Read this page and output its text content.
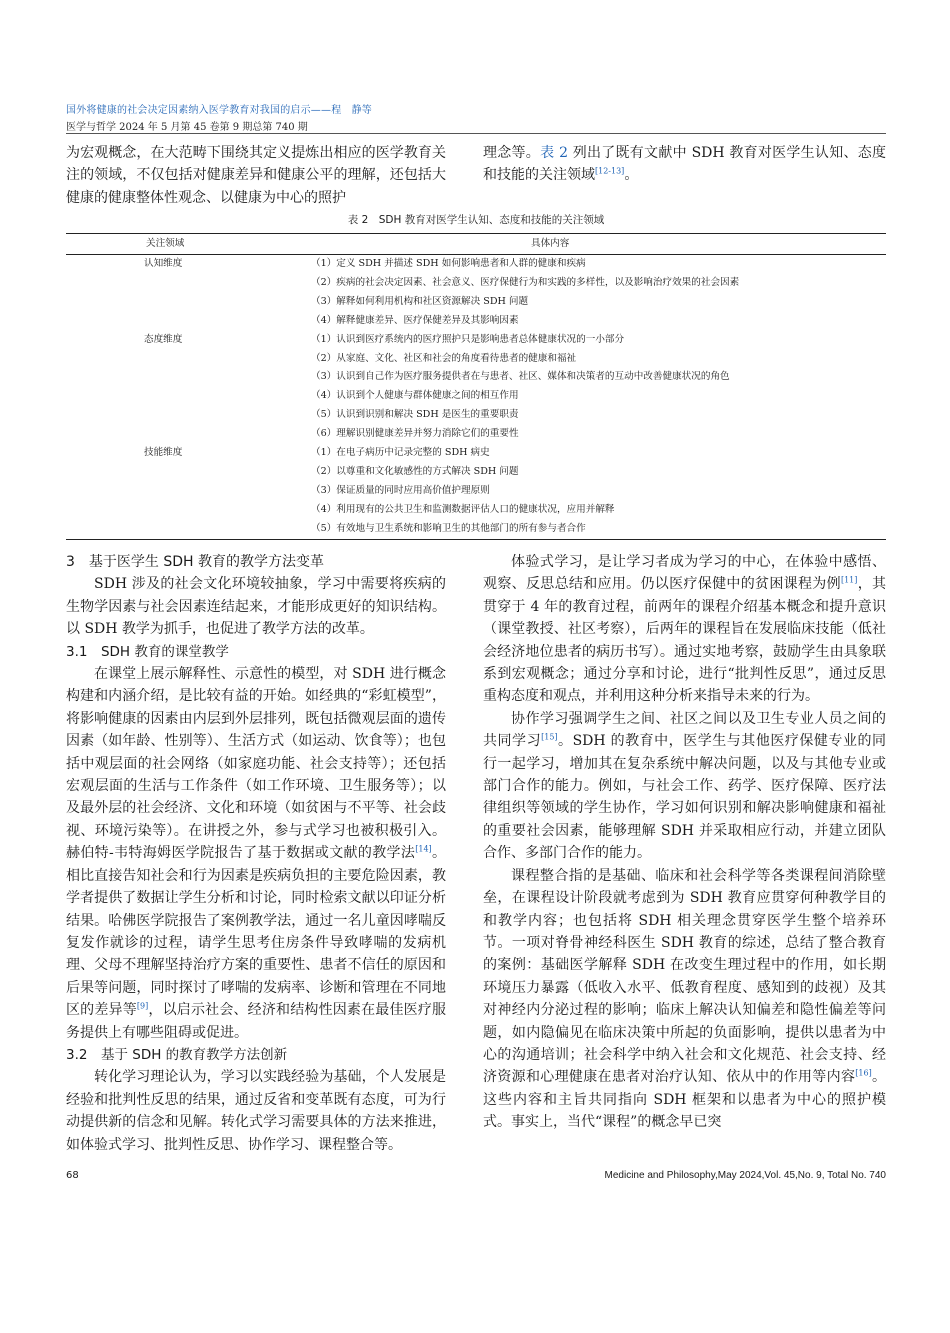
国外将健康的社会决定因素纳入医学教育对我国的启示——程　静等
医学与哲学 2024 年 5 月第 45 卷第 9 期总第 740 期

为宏观概念，在大范畴下围绕其定义提炼出相应的医学教育关注的领域，不仅包括对健康差异和健康公平的理解，还包括大健康的健康整体性观念、以健康为中心的照护

理念等。表 2 列出了既有文献中 SDH 教育对医学生认知、态度和技能的关注领域[12-13]。

表 2　SDH 教育对医学生认知、态度和技能的关注领域
关注领域	具体内容
认知维度	（1）定义 SDH 并描述 SDH 如何影响患者和人群的健康和疾病
	（2）疾病的社会决定因素、社会意义、医疗保健行为和实践的多样性，以及影响治疗效果的社会因素
	（3）解释如何利用机构和社区资源解决 SDH 问题
	（4）解释健康差异、医疗保健差异及其影响因素
态度维度	（1）认识到医疗系统内的医疗照护只是影响患者总体健康状况的一小部分
	（2）从家庭、文化、社区和社会的角度看待患者的健康和福祉
	（3）认识到自己作为医疗服务提供者在与患者、社区、媒体和决策者的互动中改善健康状况的角色
	（4）认识到个人健康与群体健康之间的相互作用
	（5）认识到识别和解决 SDH 是医生的重要职责
	（6）理解识别健康差异并努力消除它们的重要性
技能维度	（1）在电子病历中记录完整的 SDH 病史
	（2）以尊重和文化敏感性的方式解决 SDH 问题
	（3）保证质量的同时应用高价值护理原则
	（4）利用现有的公共卫生和监测数据评估人口的健康状况，应用并解释
	（5）有效地与卫生系统和影响卫生的其他部门的所有参与者合作
3　基于医学生 SDH 教育的教学方法变革

SDH 涉及的社会文化环境较抽象，学习中需要将疾病的生物学因素与社会因素连结起来，才能形成更好的知识结构。以 SDH 教学为抓手，也促进了教学方法的改革。

3.1　SDH 教育的课堂教学

在课堂上展示解释性、示意性的模型，对 SDH 进行概念构建和内涵介绍，是比较有益的开始。如经典的“彩虹模型”，将影响健康的因素由内层到外层排列，既包括微观层面的遗传因素（如年龄、性别等）、生活方式（如运动、饮食等）；也包括中观层面的社会网络（如家庭功能、社会支持等）；还包括宏观层面的生活与工作条件（如工作环境、卫生服务等）；以及最外层的社会经济、文化和环境（如贫困与不平等、社会歧视、环境污染等）。在讲授之外，参与式学习也被积极引入。赫伯特-韦特海姆医学院报告了基于数据或文献的教学法[14]。相比直接告知社会和行为因素是疾病负担的主要危险因素，教学者提供了数据让学生分析和讨论，同时检索文献以印证分析结果。哈佛医学院报告了案例教学法，通过一名儿童因哮喘反复发作就诊的过程，请学生思考住房条件导致哮喘的发病机理、父母不理解坚持治疗方案的重要性、患者不信任的原因和后果等问题，同时探讨了哮喘的发病率、诊断和管理在不同地区的差异等[9]，以启示社会、经济和结构性因素在最佳医疗服务提供上有哪些阻碍或促进。

3.2　基于 SDH 的教育教学方法创新

转化学习理论认为，学习以实践经验为基础，个人发展是经验和批判性反思的结果，通过反省和变革既有态度，可为行动提供新的信念和见解。转化式学习需要具体的方法来推进，如体验式学习、批判性反思、协作学习、课程整合等。

体验式学习，是让学习者成为学习的中心，在体验中感悟、观察、反思总结和应用。仍以医疗保健中的贫困课程为例[11]，其贯穿于 4 年的教育过程，前两年的课程介绍基本概念和提升意识（课堂教授、社区考察），后两年的课程旨在发展临床技能（低社会经济地位患者的病历书写）。通过实地考察，鼓励学生由具象联系到宏观概念；通过分享和讨论，进行“批判性反思”，通过反思重构态度和观点，并利用这种分析来指导未来的行为。

协作学习强调学生之间、社区之间以及卫生专业人员之间的共同学习[15]。SDH 的教育中，医学生与其他医疗保健专业的同行一起学习，增加其在复杂系统中解决问题，以及与其他专业或部门合作的能力。例如，与社会工作、药学、医疗保障、医疗法律组织等领域的学生协作，学习如何识别和解决影响健康和福祉的重要社会因素，能够理解 SDH 并采取相应行动，并建立团队合作、多部门合作的能力。

课程整合指的是基础、临床和社会科学等各类课程间消除壁垒，在课程设计阶段就考虑到为 SDH 教育应贯穿何种教学目的和教学内容；也包括将 SDH 相关理念贯穿医学生整个培养环节。一项对脊骨神经科医生 SDH 教育的综述，总结了整合教育的案例：基础医学解释 SDH 在改变生理过程中的作用，如长期环境压力暴露（低收入水平、低教育程度、感知到的歧视）及其对神经内分泌过程的影响；临床上解决认知偏差和隐性偏差等问题，如内隐偏见在临床决策中所起的负面影响，提供以患者为中心的沟通培训；社会科学中纳入社会和文化规范、社会支持、经济资源和心理健康在患者对治疗认知、依从中的作用等内容[16]。这些内容和主旨共同指向 SDH 框架和以患者为中心的照护模式。事实上，当代“课程”的概念早已突

68	Medicine and Philosophy,May 2024,Vol. 45,No. 9, Total No. 740
